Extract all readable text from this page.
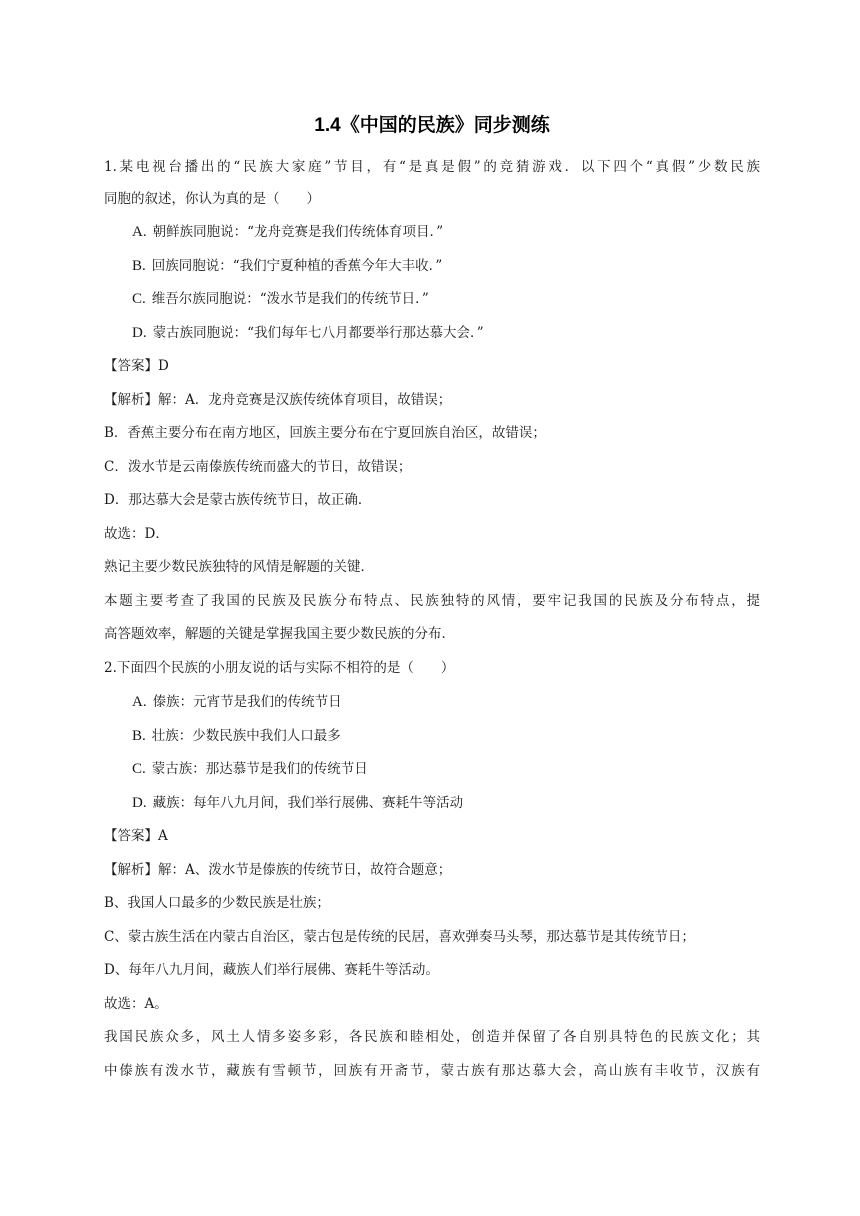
1.4《中国的民族》同步测练
1.某电视台播出的“民族大家庭”节目，有“是真是假”的竞猜游戏．以下四个“真假”少数民族
同胞的叙述，你认为真的是（　　）
A. 朝鲜族同胞说：“龙舟竞赛是我们传统体育项目．”
B. 回族同胞说：“我们宁夏种植的香蕉今年大丰收．”
C. 维吾尔族同胞说：“泼水节是我们的传统节日．”
D. 蒙古族同胞说：“我们每年七八月都要举行那达慕大会．”
【答案】D
【解析】解：A．龙舟竞赛是汉族传统体育项目，故错误；
B．香蕉主要分布在南方地区，回族主要分布在宁夏回族自治区，故错误；
C．泼水节是云南傣族传统而盛大的节日，故错误；
D．那达慕大会是蒙古族传统节日，故正确．
故选：D．
熟记主要少数民族独特的风情是解题的关键．
本题主要考查了我国的民族及民族分布特点、民族独特的风情，要牢记我国的民族及分布特点，提
高答题效率，解题的关键是掌握我国主要少数民族的分布．
2.下面四个民族的小朋友说的话与实际不相符的是（　　）
A. 傣族：元宵节是我们的传统节日
B. 壮族：少数民族中我们人口最多
C. 蒙古族：那达慕节是我们的传统节日
D. 藏族：每年八九月间，我们举行展佛、赛耗牛等活动
【答案】A
【解析】解：A、泼水节是傣族的传统节日，故符合题意；
B、我国人口最多的少数民族是壮族；
C、蒙古族生活在内蒙古自治区，蒙古包是传统的民居，喜欢弹奏马头琴，那达慕节是其传统节日；
D、每年八九月间，藏族人们举行展佛、赛耗牛等活动。
故选：A。
我国民族众多，风土人情多姿多彩，各民族和睦相处，创造并保留了各自别具特色的民族文化；其
中傣族有泼水节，藏族有雪顿节，回族有开斋节，蒙古族有那达慕大会，高山族有丰收节，汉族有
